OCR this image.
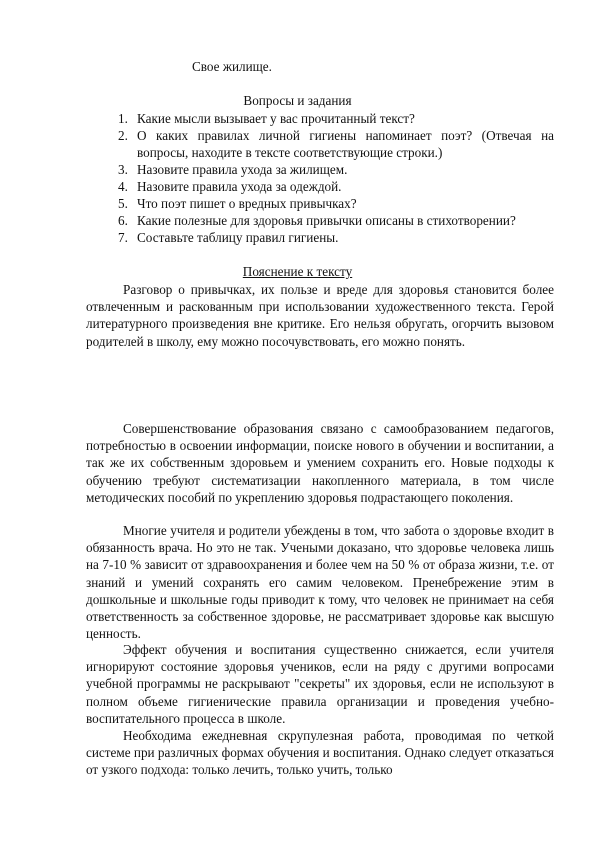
Свое жилище.
Вопросы и задания
1. Какие мысли вызывает у вас прочитанный текст?
2. О каких правилах личной гигиены напоминает поэт? (Отвечая на вопросы, находите в тексте соответствующие строки.)
3. Назовите правила ухода за жилищем.
4. Назовите правила ухода за одеждой.
5. Что поэт пишет о вредных привычках?
6. Какие полезные для здоровья привычки описаны в стихотворении?
7. Составьте таблицу правил гигиены.
Пояснение к тексту

Разговор о привычках, их пользе и вреде для здоровья становится более отвлеченным и раскованным при использовании художественного текста. Герой литературного произведения вне критике. Его нельзя обругать, огорчить вызовом родителей в школу, ему можно посочувствовать, его можно понять.

Совершенствование образования связано с самообразованием педагогов, потребностью в освоении информации, поиске нового в обучении и воспитании, а так же их собственным здоровьем и умением сохранить его. Новые подходы к обучению требуют систематизации накопленного материала, в том числе методических пособий по укреплению здоровья подрастающего поколения.

Многие учителя и родители убеждены в том, что забота о здоровье входит в обязанность врача. Но это не так. Учеными доказано, что здоровье человека лишь на 7-10 % зависит от здравоохранения и более чем на 50 % от образа жизни, т.е. от знаний и умений сохранять его самим человеком. Пренебрежение этим в дошкольные и школьные годы приводит к тому, что человек не принимает на себя ответственность за собственное здоровье, не рассматривает здоровье как высшую ценность.

Эффект обучения и воспитания существенно снижается, если учителя игнорируют состояние здоровья учеников, если на ряду с другими вопросами учебной программы не раскрывают "секреты" их здоровья, если не используют в полном объеме гигиенические правила организации и проведения учебно-воспитательного процесса в школе.

Необходима ежедневная скрупулезная работа, проводимая по четкой системе при различных формах обучения и воспитания. Однако следует отказаться от узкого подхода: только лечить, только учить, только
